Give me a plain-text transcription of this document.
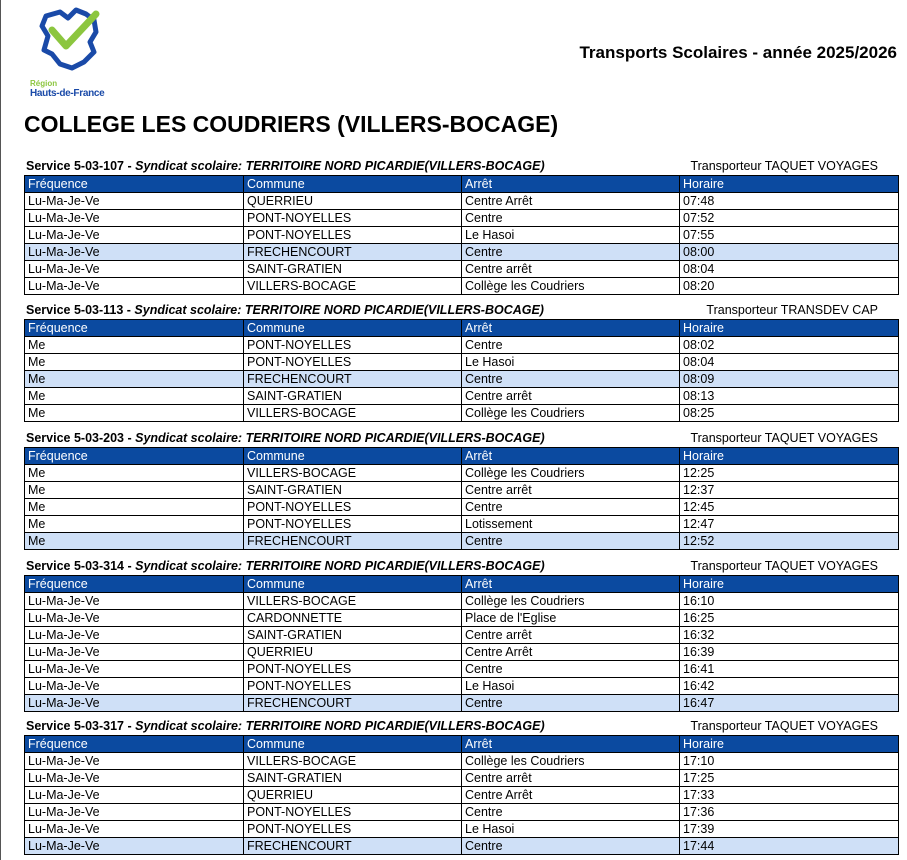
Région
Hauts-de-France
Transports Scolaires - année 2025/2026
COLLEGE LES COUDRIERS (VILLERS-BOCAGE)
Service 5-03-107 - Syndicat scolaire: TERRITOIRE NORD PICARDIE(VILLERS-BOCAGE)	Transporteur TAQUET VOYAGES
Fréquence	Commune	Arrêt	Horaire
Lu-Ma-Je-Ve	QUERRIEU	Centre Arrêt	07:48
Lu-Ma-Je-Ve	PONT-NOYELLES	Centre	07:52
Lu-Ma-Je-Ve	PONT-NOYELLES	Le Hasoi	07:55
Lu-Ma-Je-Ve	FRECHENCOURT	Centre	08:00
Lu-Ma-Je-Ve	SAINT-GRATIEN	Centre arrêt	08:04
Lu-Ma-Je-Ve	VILLERS-BOCAGE	Collège les Coudriers	08:20
Service 5-03-113 - Syndicat scolaire: TERRITOIRE NORD PICARDIE(VILLERS-BOCAGE)	Transporteur TRANSDEV CAP
Fréquence	Commune	Arrêt	Horaire
Me	PONT-NOYELLES	Centre	08:02
Me	PONT-NOYELLES	Le Hasoi	08:04
Me	FRECHENCOURT	Centre	08:09
Me	SAINT-GRATIEN	Centre arrêt	08:13
Me	VILLERS-BOCAGE	Collège les Coudriers	08:25
Service 5-03-203 - Syndicat scolaire: TERRITOIRE NORD PICARDIE(VILLERS-BOCAGE)	Transporteur TAQUET VOYAGES
Fréquence	Commune	Arrêt	Horaire
Me	VILLERS-BOCAGE	Collège les Coudriers	12:25
Me	SAINT-GRATIEN	Centre arrêt	12:37
Me	PONT-NOYELLES	Centre	12:45
Me	PONT-NOYELLES	Lotissement	12:47
Me	FRECHENCOURT	Centre	12:52
Service 5-03-314 - Syndicat scolaire: TERRITOIRE NORD PICARDIE(VILLERS-BOCAGE)	Transporteur TAQUET VOYAGES
Fréquence	Commune	Arrêt	Horaire
Lu-Ma-Je-Ve	VILLERS-BOCAGE	Collège les Coudriers	16:10
Lu-Ma-Je-Ve	CARDONNETTE	Place de l'Eglise	16:25
Lu-Ma-Je-Ve	SAINT-GRATIEN	Centre arrêt	16:32
Lu-Ma-Je-Ve	QUERRIEU	Centre Arrêt	16:39
Lu-Ma-Je-Ve	PONT-NOYELLES	Centre	16:41
Lu-Ma-Je-Ve	PONT-NOYELLES	Le Hasoi	16:42
Lu-Ma-Je-Ve	FRECHENCOURT	Centre	16:47
Service 5-03-317 - Syndicat scolaire: TERRITOIRE NORD PICARDIE(VILLERS-BOCAGE)	Transporteur TAQUET VOYAGES
Fréquence	Commune	Arrêt	Horaire
Lu-Ma-Je-Ve	VILLERS-BOCAGE	Collège les Coudriers	17:10
Lu-Ma-Je-Ve	SAINT-GRATIEN	Centre arrêt	17:25
Lu-Ma-Je-Ve	QUERRIEU	Centre Arrêt	17:33
Lu-Ma-Je-Ve	PONT-NOYELLES	Centre	17:36
Lu-Ma-Je-Ve	PONT-NOYELLES	Le Hasoi	17:39
Lu-Ma-Je-Ve	FRECHENCOURT	Centre	17:44
